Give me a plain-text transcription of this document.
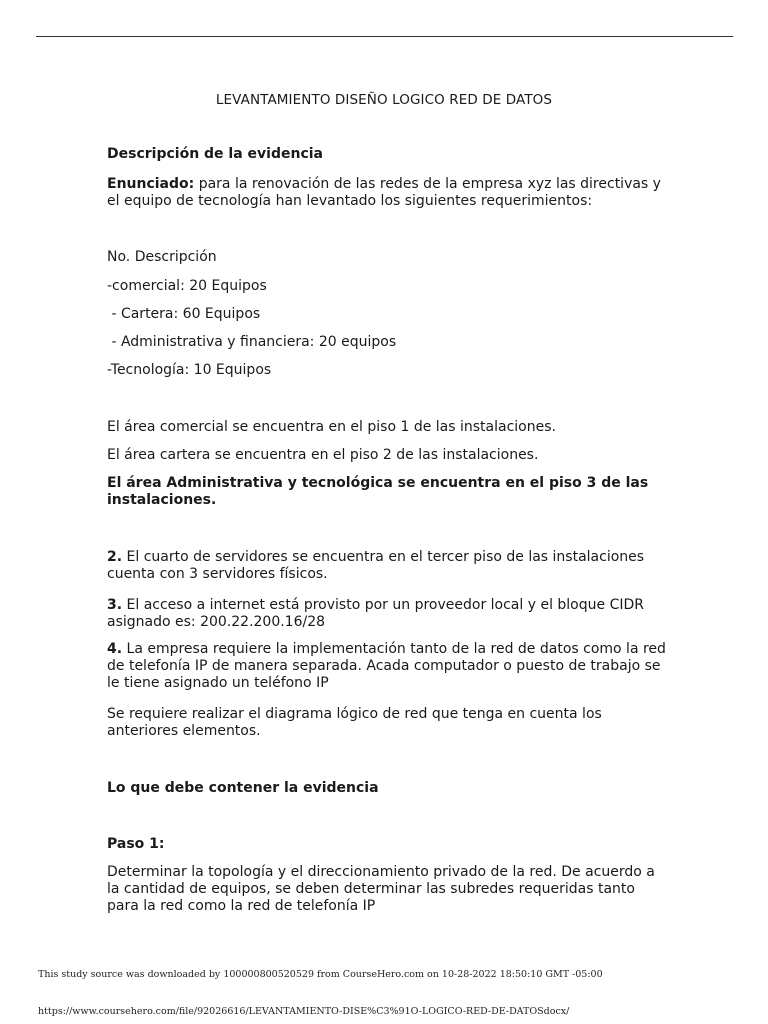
LEVANTAMIENTO DISEÑO LOGICO RED DE DATOS

Descripción de la evidencia

Enunciado: para la renovación de las redes de la empresa xyz las directivas y el equipo de tecnología han levantado los siguientes requerimientos:

No. Descripción

-comercial: 20 Equipos

- Cartera: 60 Equipos

- Administrativa y financiera: 20 equipos

-Tecnología: 10 Equipos

El área comercial se encuentra en el piso 1 de las instalaciones.

El área cartera se encuentra en el piso 2 de las instalaciones.

El área Administrativa y tecnológica se encuentra en el piso 3 de las instalaciones.

2. El cuarto de servidores se encuentra en el tercer piso de las instalaciones cuenta con 3 servidores físicos.

3. El acceso a internet está provisto por un proveedor local y el bloque CIDR asignado es: 200.22.200.16/28

4. La empresa requiere la implementación tanto de la red de datos como la red de telefonía IP de manera separada. Acada computador o puesto de trabajo se le tiene asignado un teléfono IP

Se requiere realizar el diagrama lógico de red que tenga en cuenta los anteriores elementos.

Lo que debe contener la evidencia

Paso 1:

Determinar la topología y el direccionamiento privado de la red. De acuerdo a la cantidad de equipos, se deben determinar las subredes requeridas tanto para la red como la red de telefonía IP

This study source was downloaded by 100000800520529 from CourseHero.com on 10-28-2022 18:50:10 GMT -05:00
https://www.coursehero.com/file/92026616/LEVANTAMIENTO-DISE%C3%91O-LOGICO-RED-DE-DATOSdocx/
